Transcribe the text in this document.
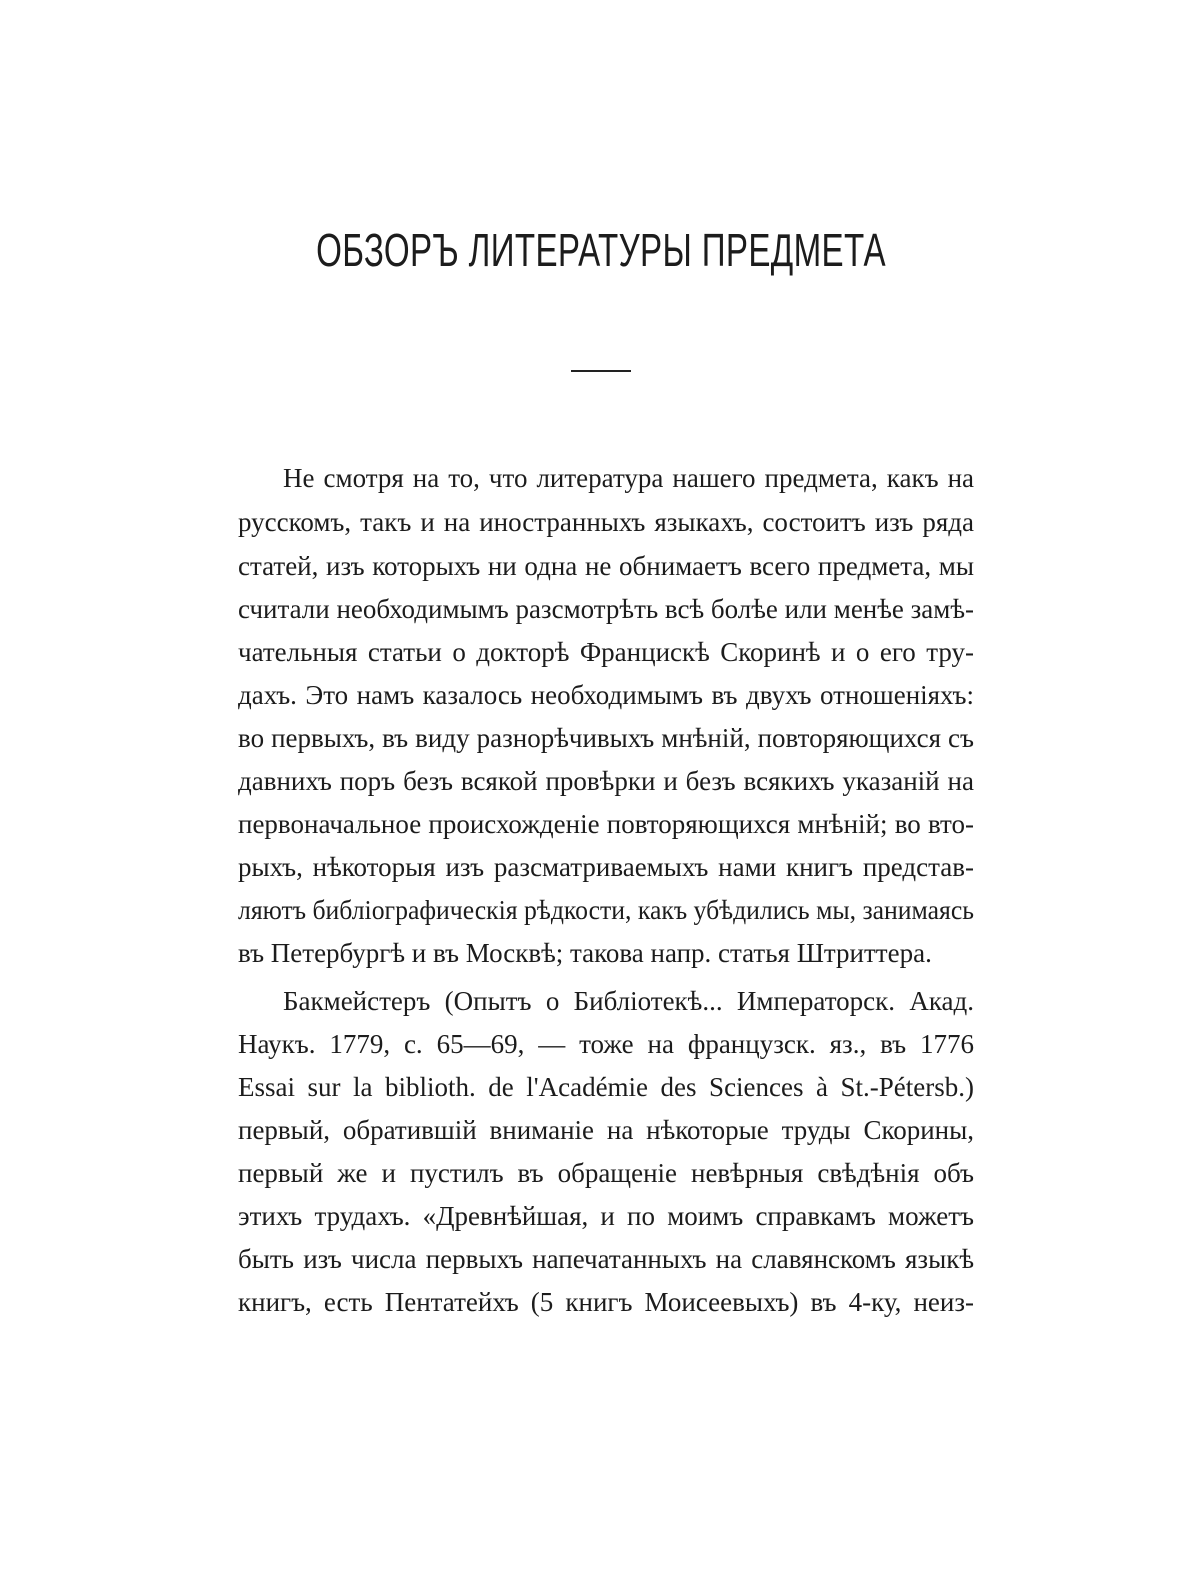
ОБЗОРЪ ЛИТЕРАТУРЫ ПРЕДМЕТА
Не смотря на то, что литература нашего предмета, какъ на
русскомъ, такъ и на иностранныхъ языкахъ, состоитъ изъ ряда
статей, изъ которыхъ ни одна не обнимаетъ всего предмета, мы
считали необходимымъ разсмотрѣть всѣ болѣе или менѣе замѣ-
чательныя статьи о докторѣ Францискѣ Скоринѣ и о его тру-
дахъ. Это намъ казалось необходимымъ въ двухъ отношеніяхъ:
во первыхъ, въ виду разнорѣчивыхъ мнѣній, повторяющихся съ
давнихъ поръ безъ всякой провѣрки и безъ всякихъ указаній на
первоначальное происхожденіе повторяющихся мнѣній; во вто-
рыхъ, нѣкоторыя изъ разсматриваемыхъ нами книгъ представ-
ляютъ библіографическія рѣдкости, какъ убѣдились мы, занимаясь
въ Петербургѣ и въ Москвѣ; такова напр. статья Штриттера.
Бакмейстеръ (Опытъ о Библіотекѣ... Императорск. Акад.
Наукъ. 1779, с. 65—69, — тоже на французск. яз., въ 1776
Essai sur la biblioth. de l'Académie des Sciences à St.-Pétersb.)
первый, обратившій вниманіе на нѣкоторые труды Скорины,
первый же и пустилъ въ обращеніе невѣрныя свѣдѣнія объ
этихъ трудахъ. «Древнѣйшая, и по моимъ справкамъ можетъ
быть изъ числа первыхъ напечатанныхъ на славянскомъ языкѣ
книгъ, есть Пентатейхъ (5 книгъ Моисеевыхъ) въ 4-ку, неиз-
